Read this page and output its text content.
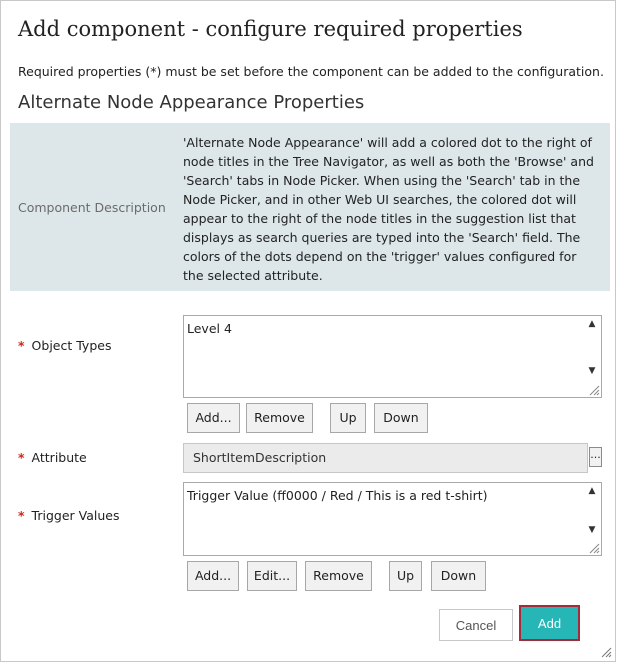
Add component - configure required properties
Required properties (*) must be set before the component can be added to the configuration.
Alternate Node Appearance Properties
Component Description
'Alternate Node Appearance' will add a colored dot to the right of node titles in the Tree Navigator, as well as both the 'Browse' and 'Search' tabs in Node Picker. When using the 'Search' tab in the Node Picker, and in other Web UI searches, the colored dot will appear to the right of the node titles in the suggestion list that displays as search queries are typed into the 'Search' field. The colors of the dots depend on the 'trigger' values configured for the selected attribute.
* Object Types
Level 4	▲
▼
Add...	Remove	Up	Down
* Attribute	ShortItemDescription	...
* Trigger Values
Trigger Value (ff0000 / Red / This is a red t-shirt)	▲
▼
Add...	Edit...	Remove	Up	Down
Cancel	Add
